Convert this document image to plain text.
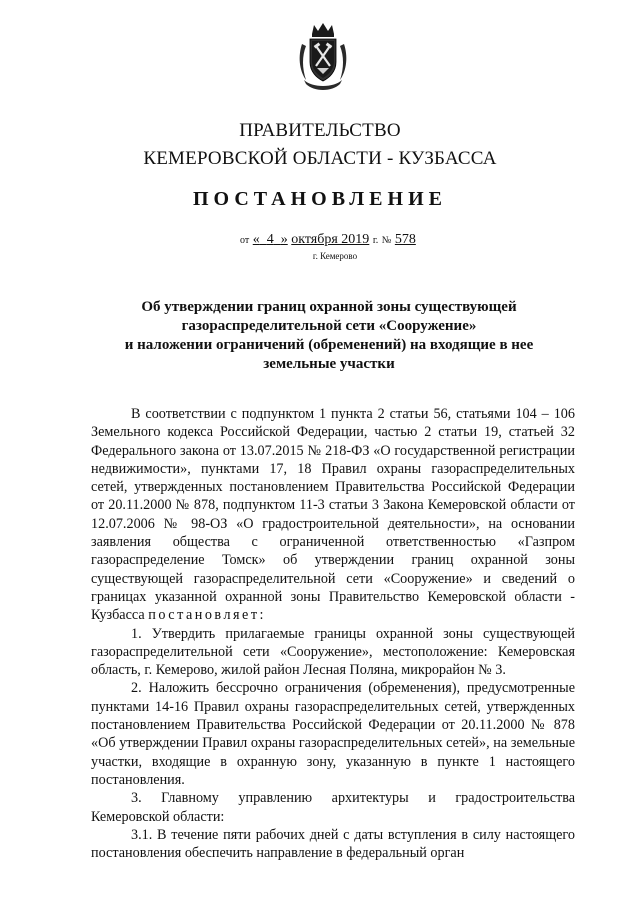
ПРАВИТЕЛЬСТВО
КЕМЕРОВСКОЙ ОБЛАСТИ - КУЗБАССА
ПОСТАНОВЛЕНИЕ
от « 4 » октября 2019 г. № 578
г. Кемерово
Об утверждении границ охранной зоны существующей
газораспределительной сети «Сооружение»
и наложении ограничений (обременений) на входящие в нее
земельные участки

В соответствии с подпунктом 1 пункта 2 статьи 56, статьями 104 – 106 Земельного кодекса Российской Федерации, частью 2 статьи 19, статьей 32 Федерального закона от 13.07.2015 № 218-ФЗ «О государственной регистрации недвижимости», пунктами 17, 18 Правил охраны газораспределительных сетей, утвержденных постановлением Правительства Российской Федерации от 20.11.2000 № 878, подпунктом 11-3 статьи 3 Закона Кемеровской области от 12.07.2006 № 98-ОЗ «О градостроительной деятельности», на основании заявления общества с ограниченной ответственностью «Газпром газораспределение Томск» об утверждении границ охранной зоны существующей газораспределительной сети «Сооружение» и сведений о границах указанной охранной зоны Правительство Кемеровской области - Кузбасса постановляет:

1. Утвердить прилагаемые границы охранной зоны существующей газораспределительной сети «Сооружение», местоположение: Кемеровская область, г. Кемерово, жилой район Лесная Поляна, микрорайон № 3.

2. Наложить бессрочно ограничения (обременения), предусмотренные пунктами 14-16 Правил охраны газораспределительных сетей, утвержденных постановлением Правительства Российской Федерации от 20.11.2000 № 878 «Об утверждении Правил охраны газораспределительных сетей», на земельные участки, входящие в охранную зону, указанную в пункте 1 настоящего постановления.

3. Главному управлению архитектуры и градостроительства Кемеровской области:

3.1. В течение пяти рабочих дней с даты вступления в силу настоящего постановления обеспечить направление в федеральный орган
